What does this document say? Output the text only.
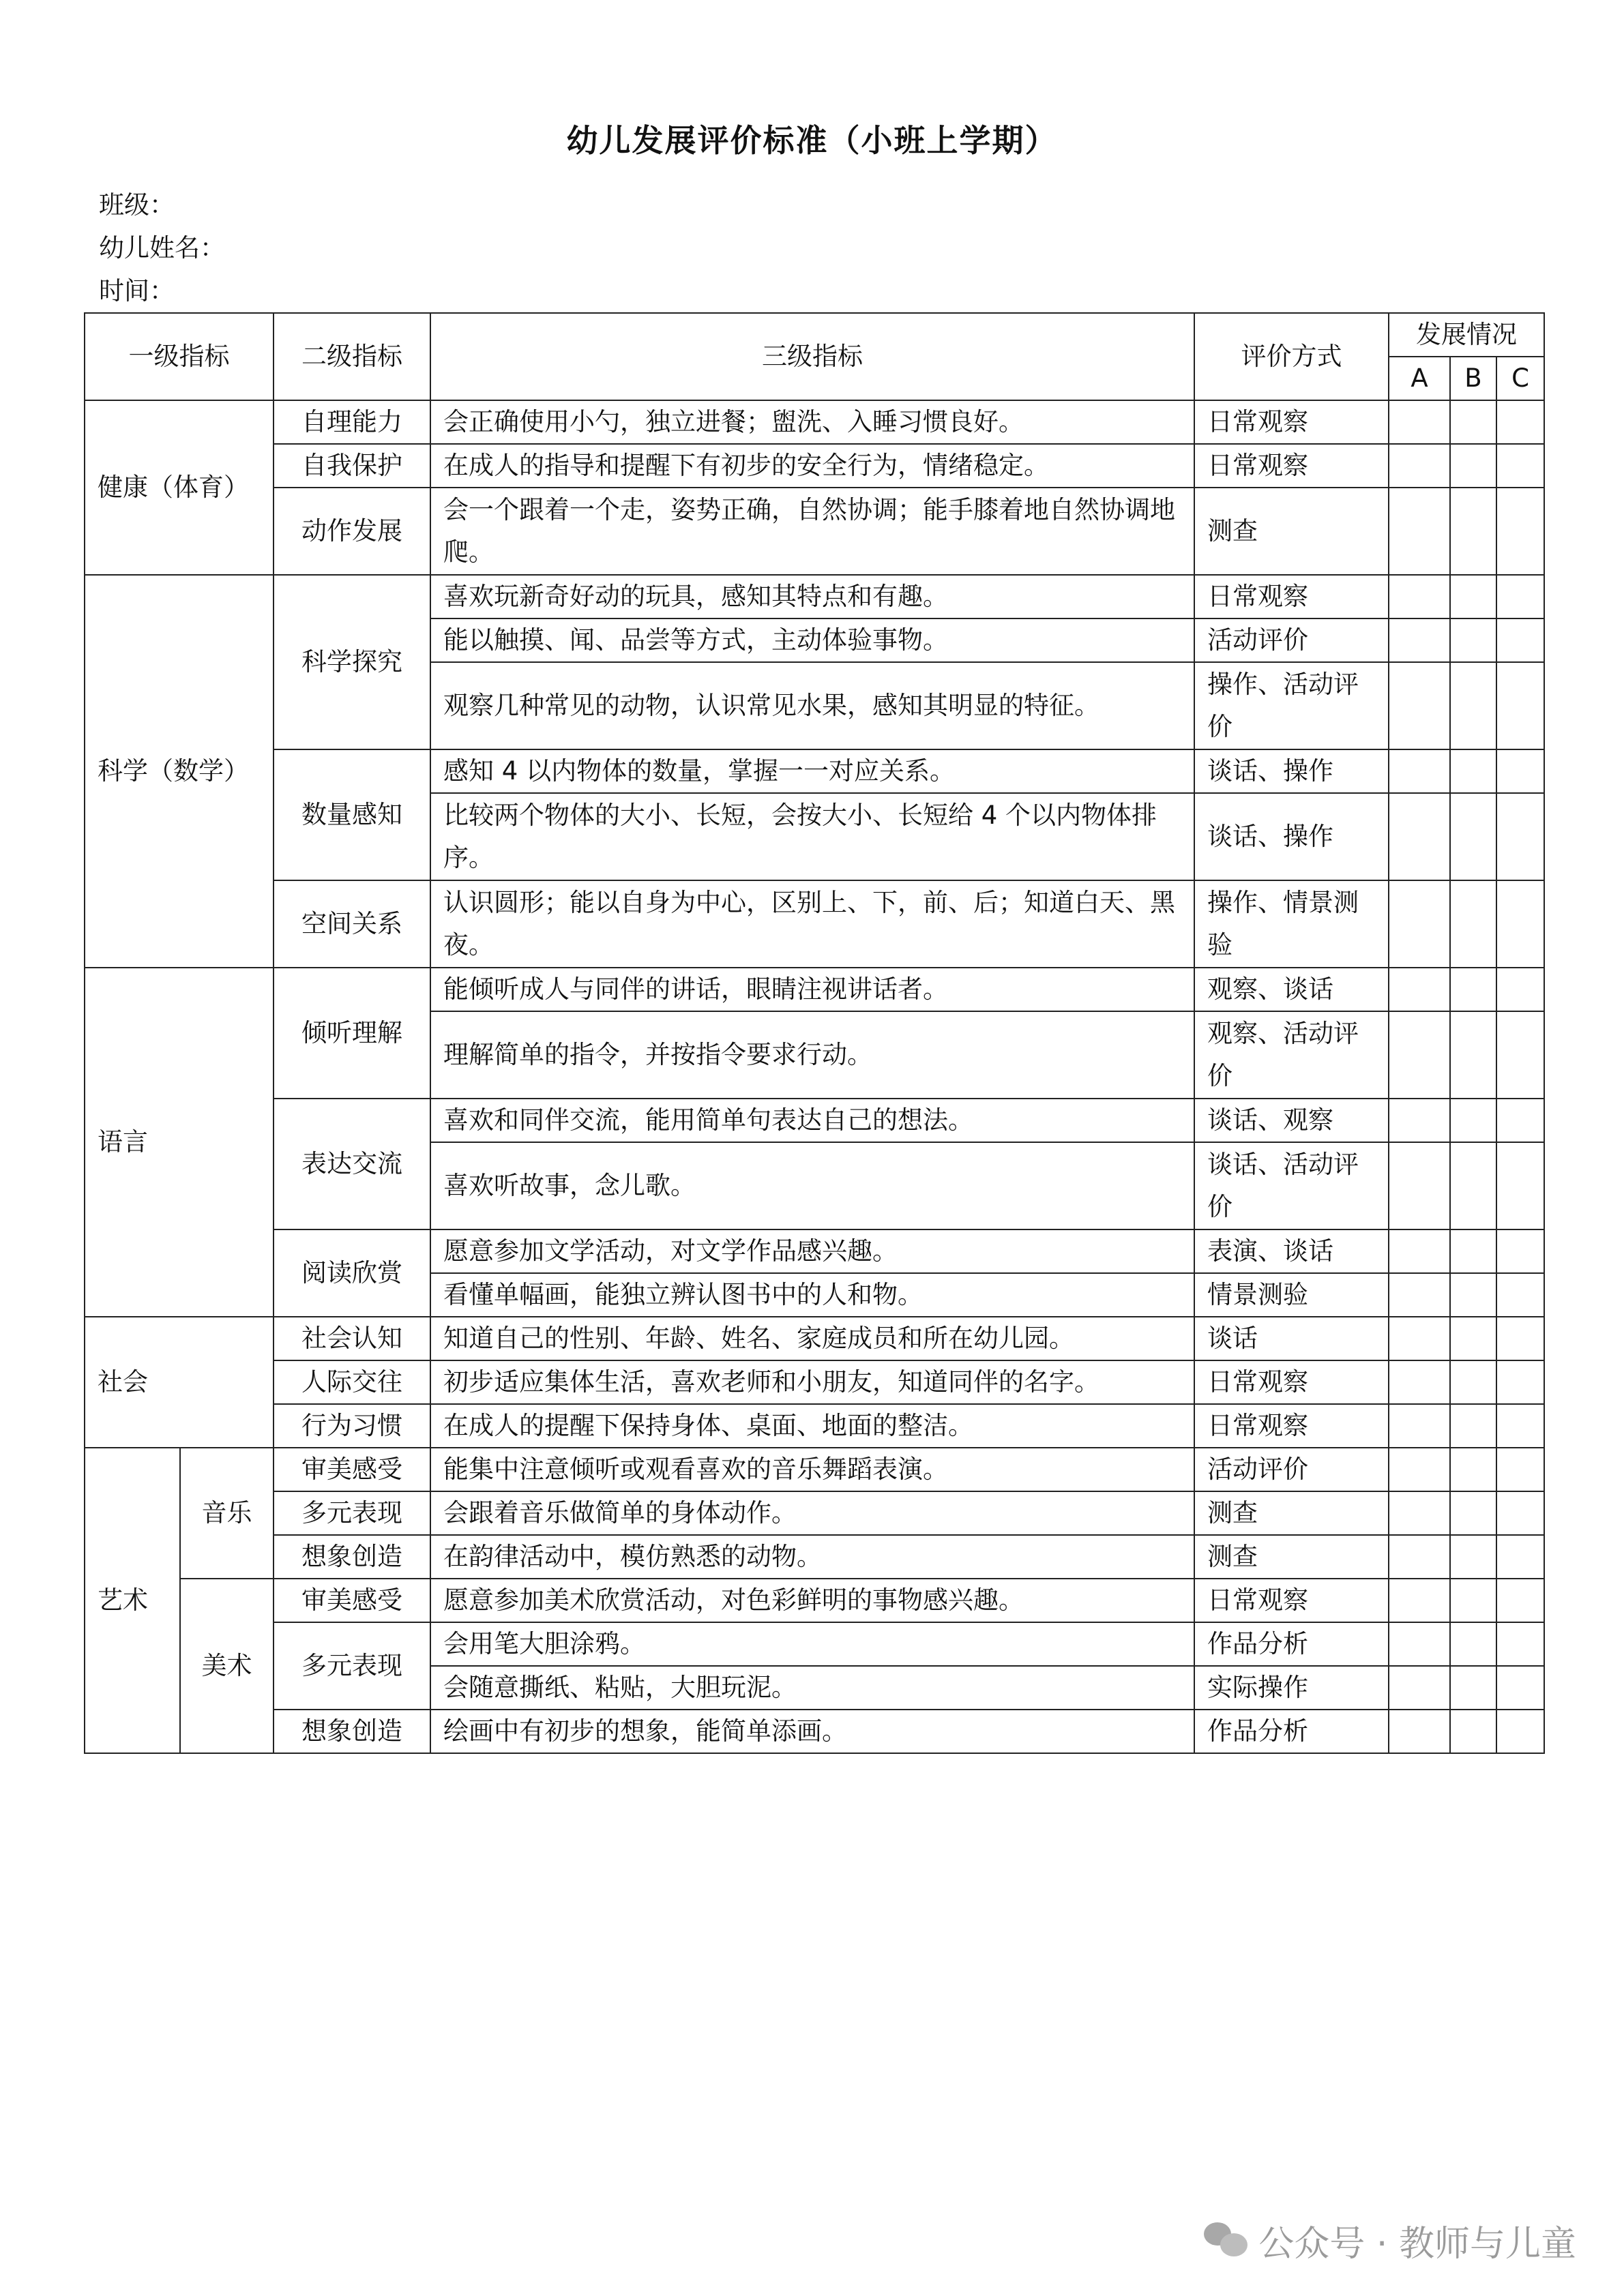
幼儿发展评价标准（小班上学期）
班级：
幼儿姓名：
时间：
一级指标		二级指标	三级指标	评价方式	发展情况		
					A	B	C
健康（体育）		自理能力	会正确使用小勺，独立进餐；盥洗、入睡习惯良好。	日常观察			
		自我保护	在成人的指导和提醒下有初步的安全行为，情绪稳定。	日常观察			
		动作发展	会一个跟着一个走，姿势正确，自然协调；能手膝着地自然协调地爬。	测查			
科学（数学）		科学探究	喜欢玩新奇好动的玩具，感知其特点和有趣。	日常观察			
			能以触摸、闻、品尝等方式，主动体验事物。	活动评价			
			观察几种常见的动物，认识常见水果，感知其明显的特征。	操作、活动评价			
		数量感知	感知 4 以内物体的数量，掌握一一对应关系。	谈话、操作			
			比较两个物体的大小、长短，会按大小、长短给 4 个以内物体排序。	谈话、操作			
		空间关系	认识圆形；能以自身为中心，区别上、下，前、后；知道白天、黑夜。	操作、情景测验			
语言		倾听理解	能倾听成人与同伴的讲话，眼睛注视讲话者。	观察、谈话			
			理解简单的指令，并按指令要求行动。	观察、活动评价			
		表达交流	喜欢和同伴交流，能用简单句表达自己的想法。	谈话、观察			
			喜欢听故事，念儿歌。	谈话、活动评价			
		阅读欣赏	愿意参加文学活动，对文学作品感兴趣。	表演、谈话			
			看懂单幅画，能独立辨认图书中的人和物。	情景测验			
社会		社会认知	知道自己的性别、年龄、姓名、家庭成员和所在幼儿园。	谈话			
		人际交往	初步适应集体生活，喜欢老师和小朋友，知道同伴的名字。	日常观察			
		行为习惯	在成人的提醒下保持身体、桌面、地面的整洁。	日常观察			
艺术	音乐	审美感受	能集中注意倾听或观看喜欢的音乐舞蹈表演。	活动评价			
		多元表现	会跟着音乐做简单的身体动作。	测查			
		想象创造	在韵律活动中，模仿熟悉的动物。	测查			
	美术	审美感受	愿意参加美术欣赏活动，对色彩鲜明的事物感兴趣。	日常观察			
		多元表现	会用笔大胆涂鸦。	作品分析			
			会随意撕纸、粘贴，大胆玩泥。	实际操作			
		想象创造	绘画中有初步的想象，能简单添画。	作品分析			
公众号 · 教师与儿童
